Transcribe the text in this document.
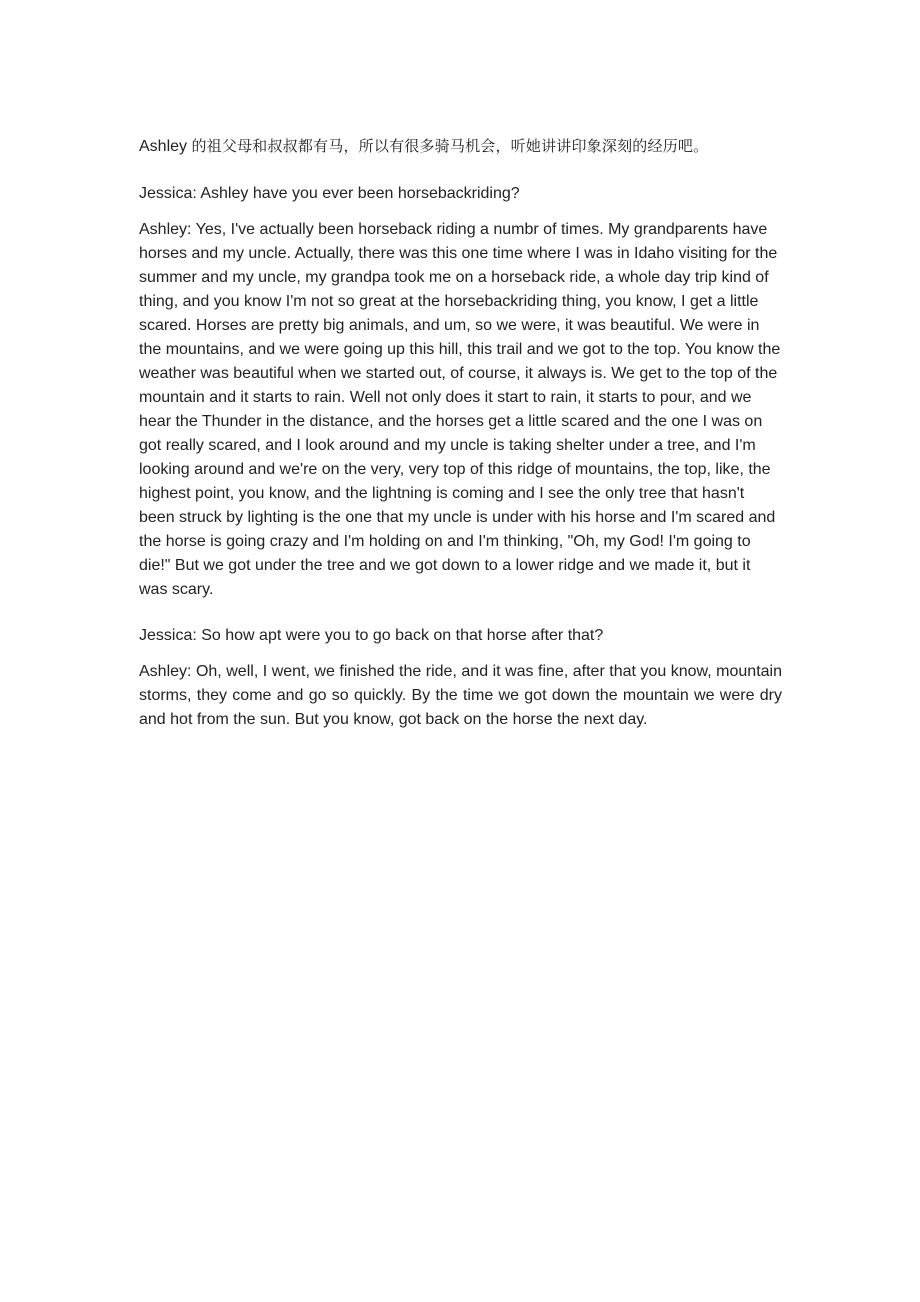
Ashley 的祖父母和叔叔都有马，所以有很多骑马机会，听她讲讲印象深刻的经历吧。

Jessica: Ashley have you ever been horsebackriding?

Ashley: Yes, I've actually been horseback riding a numbr of times. My grandparents have horses and my uncle. Actually, there was this one time where I was in Idaho visiting for the summer and my uncle, my grandpa took me on a horseback ride, a whole day trip kind of thing, and you know I'm not so great at the horsebackriding thing, you know, I get a little scared. Horses are pretty big animals, and um, so we were, it was beautiful. We were in the mountains, and we were going up this hill, this trail and we got to the top. You know the weather was beautiful when we started out, of course, it always is. We get to the top of the mountain and it starts to rain. Well not only does it start to rain, it starts to pour, and we hear the Thunder in the distance, and the horses get a little scared and the one I was on got really scared, and I look around and my uncle is taking shelter under a tree, and I'm looking around and we're on the very, very top of this ridge of mountains, the top, like, the highest point, you know, and the lightning is coming and I see the only tree that hasn't been struck by lighting is the one that my uncle is under with his horse and I'm scared and the horse is going crazy and I'm holding on and I'm thinking, "Oh, my God! I'm going to die!" But we got under the tree and we got down to a lower ridge and we made it, but it was scary.

Jessica: So how apt were you to go back on that horse after that?

Ashley: Oh, well, I went, we finished the ride, and it was fine, after that you know, mountain storms, they come and go so quickly. By the time we got down the mountain we were dry and hot from the sun. But you know, got back on the horse the next day.
